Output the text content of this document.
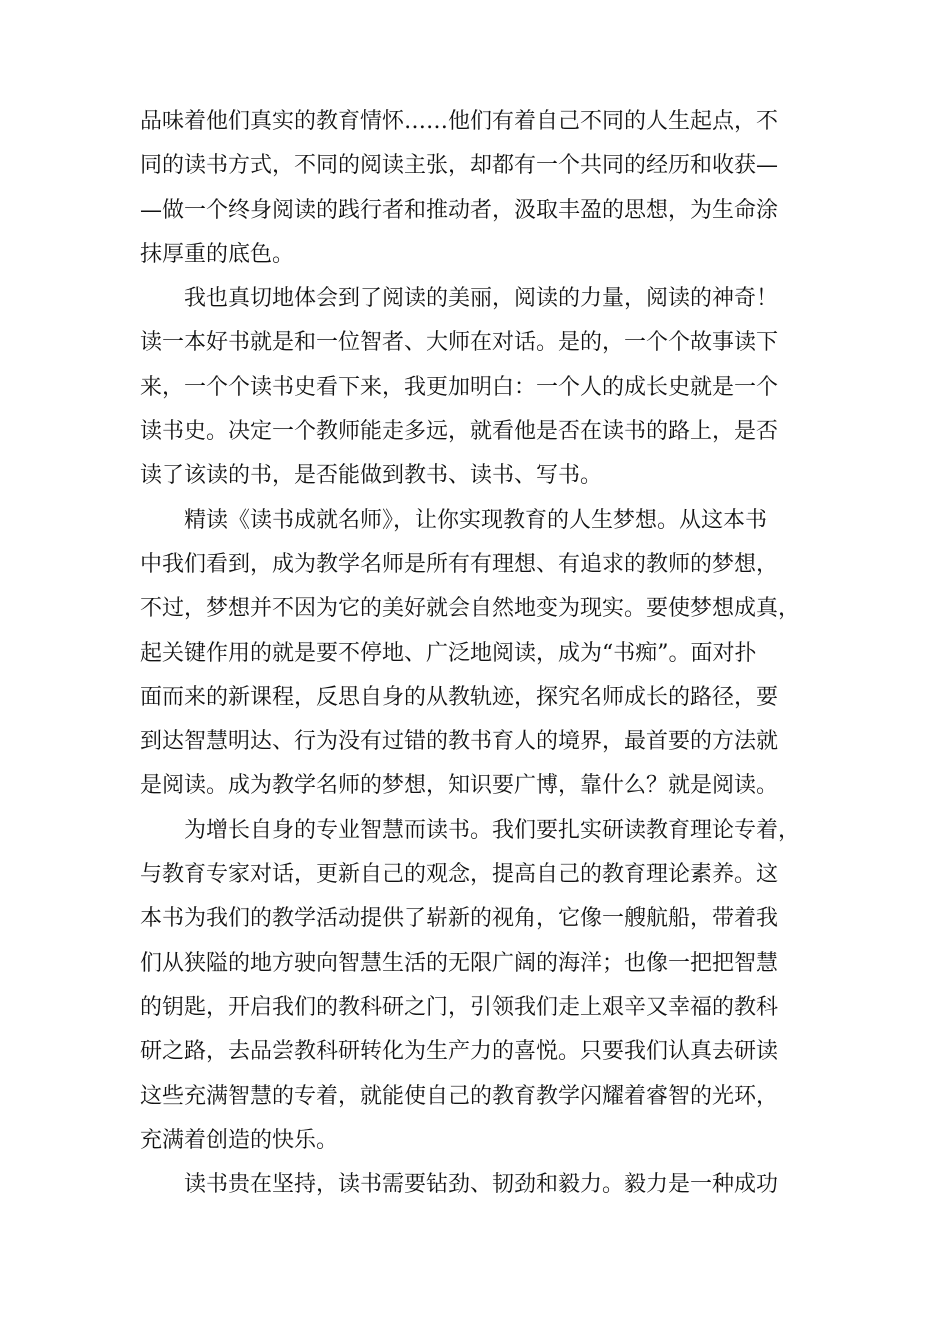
品味着他们真实的教育情怀……他们有着自己不同的人生起点，不
同的读书方式，不同的阅读主张，却都有一个共同的经历和收获—
—做一个终身阅读的践行者和推动者，汲取丰盈的思想，为生命涂
抹厚重的底色。
我也真切地体会到了阅读的美丽，阅读的力量，阅读的神奇！
读一本好书就是和一位智者、大师在对话。是的，一个个故事读下
来，一个个读书史看下来，我更加明白：一个人的成长史就是一个
读书史。决定一个教师能走多远，就看他是否在读书的路上，是否
读了该读的书，是否能做到教书、读书、写书。
精读《读书成就名师》，让你实现教育的人生梦想。从这本书
中我们看到，成为教学名师是所有有理想、有追求的教师的梦想，
不过，梦想并不因为它的美好就会自然地变为现实。要使梦想成真，
起关键作用的就是要不停地、广泛地阅读，成为“书痴”。面对扑
面而来的新课程，反思自身的从教轨迹，探究名师成长的路径，要
到达智慧明达、行为没有过错的教书育人的境界，最首要的方法就
是阅读。成为教学名师的梦想，知识要广博，靠什么？就是阅读。
为增长自身的专业智慧而读书。我们要扎实研读教育理论专着，
与教育专家对话，更新自己的观念，提高自己的教育理论素养。这
本书为我们的教学活动提供了崭新的视角，它像一艘航船，带着我
们从狭隘的地方驶向智慧生活的无限广阔的海洋；也像一把把智慧
的钥匙，开启我们的教科研之门，引领我们走上艰辛又幸福的教科
研之路，去品尝教科研转化为生产力的喜悦。只要我们认真去研读
这些充满智慧的专着，就能使自己的教育教学闪耀着睿智的光环，
充满着创造的快乐。
读书贵在坚持，读书需要钻劲、韧劲和毅力。毅力是一种成功
